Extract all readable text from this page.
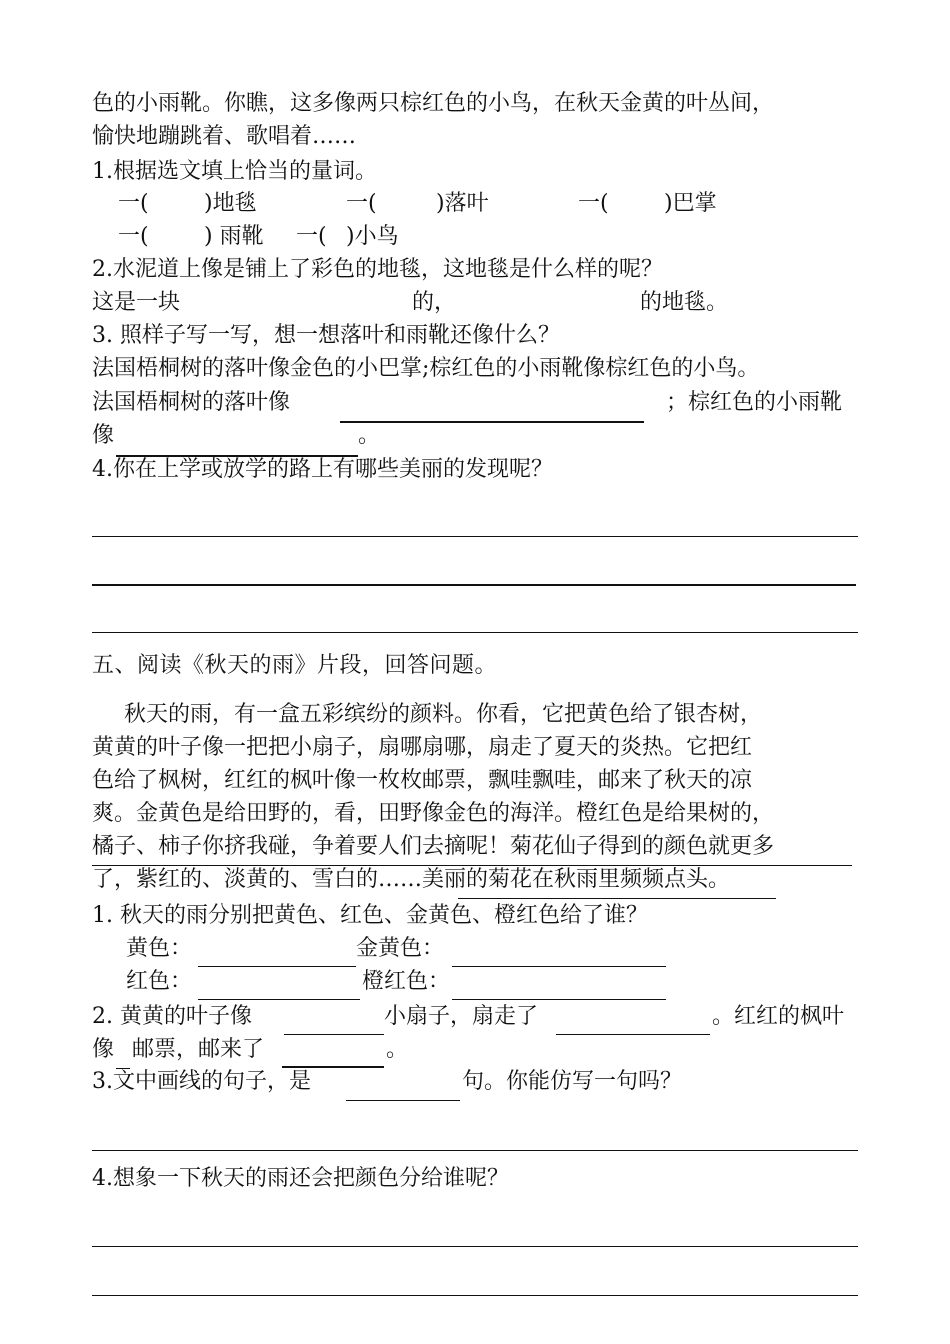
色的小雨靴。你瞧，这多像两只棕红色的小鸟，在秋天金黄的叶丛间，
愉快地蹦跳着、歌唱着……
1.根据选文填上恰当的量词。
一(	)地毯	一(	)落叶	一(	)巴掌
一(	) 雨靴 一( )小鸟
2.水泥道上像是铺上了彩色的地毯，这地毯是什么样的呢？
这是一块	的，	的地毯。
3. 照样子写一写，想一想落叶和雨靴还像什么？
法国梧桐树的落叶像金色的小巴掌;棕红色的小雨靴像棕红色的小鸟。
法国梧桐树的落叶像	；棕红色的小雨靴
像	。
4.你在上学或放学的路上有哪些美丽的发现呢？
五、阅读《秋天的雨》片段，回答问题。
秋天的雨，有一盒五彩缤纷的颜料。你看，它把黄色给了银杏树，
黄黄的叶子像一把把小扇子，扇哪扇哪，扇走了夏天的炎热。它把红
色给了枫树，红红的枫叶像一枚枚邮票，飘哇飘哇，邮来了秋天的凉
爽。金黄色是给田野的，看，田野像金色的海洋。橙红色是给果树的，
橘子、柿子你挤我碰，争着要人们去摘呢！菊花仙子得到的颜色就更多
了，紫红的、淡黄的、雪白的……美丽的菊花在秋雨里频频点头。
1. 秋天的雨分别把黄色、红色、金黄色、橙红色给了谁？
黄色：	金黄色：
红色：	橙红色：
2. 黄黄的叶子像	小扇子，扇走了	。红红的枫叶
像 邮票，邮来了	。
3.文中画线的句子，是	句。你能仿写一句吗？
4.想象一下秋天的雨还会把颜色分给谁呢？
